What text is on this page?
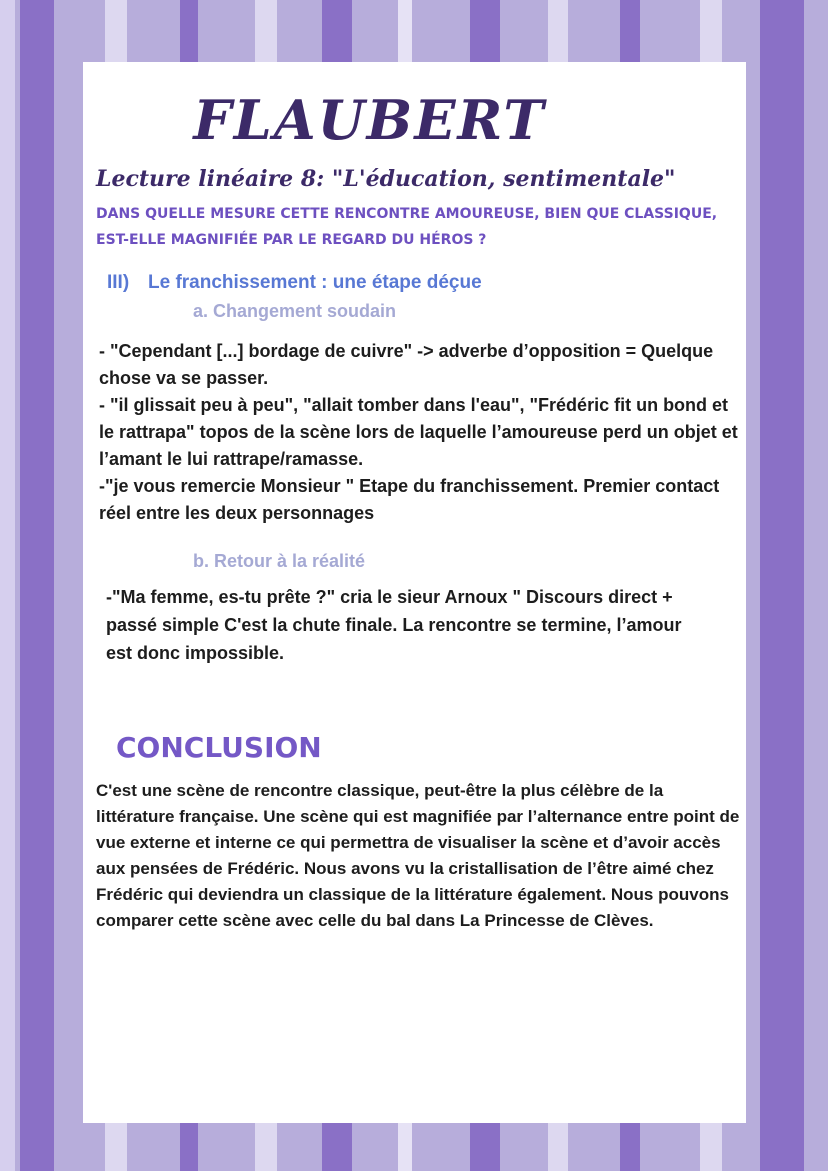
FLAUBERT
Lecture linéaire 8: "L'éducation, sentimentale"
DANS QUELLE MESURE CETTE RENCONTRE AMOUREUSE, BIEN QUE CLASSIQUE, EST-ELLE MAGNIFIÉE PAR LE REGARD DU HÉROS ?
III) Le franchissement : une étape déçue
a. Changement soudain

- "Cependant [...] bordage de cuivre" -> adverbe d’opposition = Quelque chose va se passer.

- "il glissait peu à peu", "allait tomber dans l'eau", "Frédéric fit un bond et le rattrapa" topos de la scène lors de laquelle l’amoureuse perd un objet et l’amant le lui rattrape/ramasse.

-"je vous remercie Monsieur " Etape du franchissement. Premier contact réel entre les deux personnages

b. Retour à la réalité

-"Ma femme, es-tu prête ?" cria le sieur Arnoux " Discours direct + passé simple C'est la chute finale. La rencontre se termine, l’amour est donc impossible.

CONCLUSION

C'est une scène de rencontre classique, peut-être la plus célèbre de la littérature française. Une scène qui est magnifiée par l’alternance entre point de vue externe et interne ce qui permettra de visualiser la scène et d’avoir accès aux pensées de Frédéric. Nous avons vu la cristallisation de l’être aimé chez Frédéric qui deviendra un classique de la littérature également. Nous pouvons comparer cette scène avec celle du bal dans La Princesse de Clèves.
